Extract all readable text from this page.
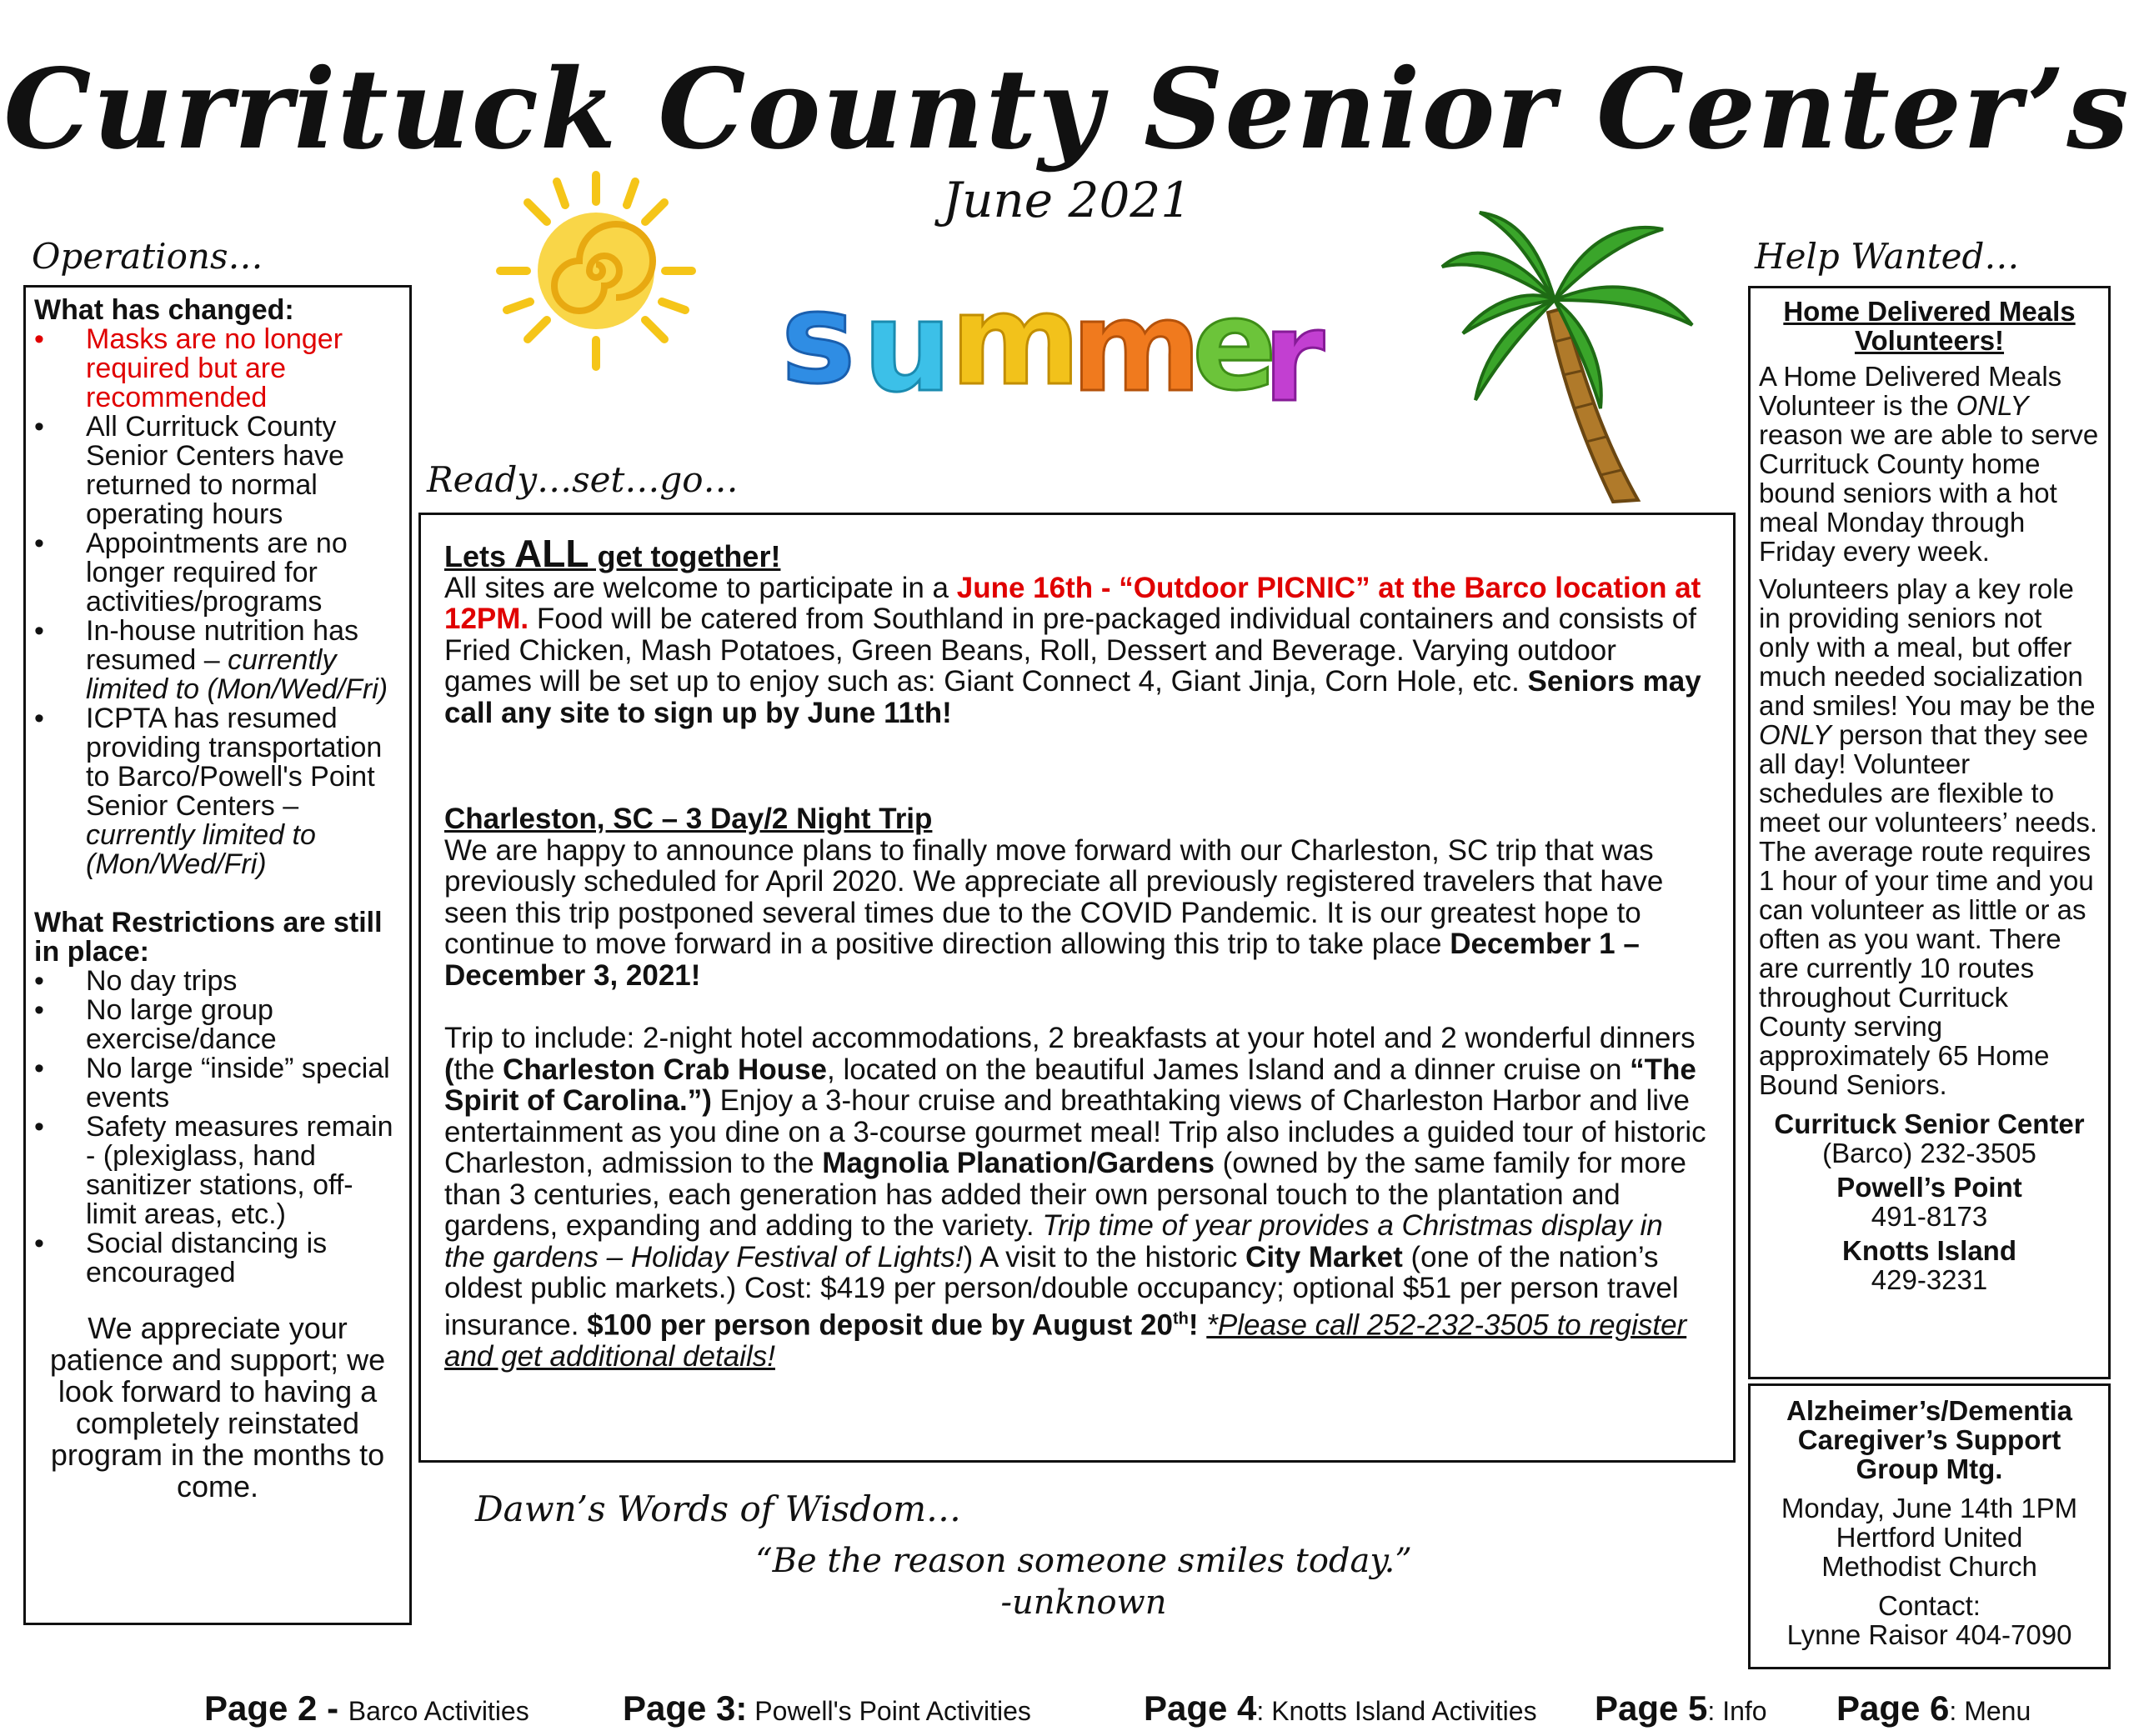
Currituck County Senior Center’s
June 2021
s u
m
m
e
r
summer
Operations…
What has changed:
•	Masks are no longer required but are recommended
•	All Currituck County Senior Centers have returned to normal operating hours
•	Appointments are no longer required for activities/programs
•	In-house nutrition has resumed – currently limited to (Mon/Wed/Fri)
•	ICPTA has resumed providing transportation to Barco/Powell's Point Senior Centers – currently limited to (Mon/Wed/Fri)
What Restrictions are still in place:
•	No day trips
•	No large group exercise/dance
•	No large “inside” special events
•	Safety measures remain - (plexiglass, hand sanitizer stations, off-limit areas, etc.)
•	Social distancing is encouraged
We appreciate your patience and support; we look forward to having a completely reinstated program in the months to come.
Ready…set…go…
Lets ALL get together!

All sites are welcome to participate in a June 16th - “Outdoor PICNIC” at the Barco location at 12PM. Food will be catered from Southland in pre-packaged individual containers and consists of Fried Chicken, Mash Potatoes, Green Beans, Roll, Dessert and Beverage. Varying outdoor games will be set up to enjoy such as: Giant Connect 4, Giant Jinja, Corn Hole, etc. Seniors may call any site to sign up by June 11th!

Charleston, SC – 3 Day/2 Night Trip

We are happy to announce plans to finally move forward with our Charleston, SC trip that was previously scheduled for April 2020. We appreciate all previously registered travelers that have seen this trip postponed several times due to the COVID Pandemic. It is our greatest hope to continue to move forward in a positive direction allowing this trip to take place December 1 – December 3, 2021!

Trip to include: 2-night hotel accommodations, 2 breakfasts at your hotel and 2 wonderful dinners (the Charleston Crab House, located on the beautiful James Island and a dinner cruise on “The Spirit of Carolina.”) Enjoy a 3-hour cruise and breathtaking views of Charleston Harbor and live entertainment as you dine on a 3-course gourmet meal! Trip also includes a guided tour of historic Charleston, admission to the Magnolia Planation/Gardens (owned by the same family for more than 3 centuries, each generation has added their own personal touch to the plantation and gardens, expanding and adding to the variety. Trip time of year provides a Christmas display in the gardens – Holiday Festival of Lights!) A visit to the historic City Market (one of the nation’s oldest public markets.) Cost: $419 per person/double occupancy; optional $51 per person travel insurance. $100 per person deposit due by August 20th! *Please call 252-232-3505 to register and get additional details!

Dawn’s Words of Wisdom…
“Be the reason someone smiles today.”
-unknown
Help Wanted…
Home Delivered Meals Volunteers!

A Home Delivered Meals Volunteer is the ONLY reason we are able to serve Currituck County home bound seniors with a hot meal Monday through Friday every week.

Volunteers play a key role in providing seniors not only with a meal, but offer much needed socialization and smiles! You may be the ONLY person that they see all day! Volunteer schedules are flexible to meet our volunteers’ needs. The average route requires 1 hour of your time and you can volunteer as little or as often as you want. There are currently 10 routes throughout Currituck County serving approximately 65 Home Bound Seniors.

Currituck Senior Center
(Barco) 232-3505
Powell’s Point
491-8173
Knotts Island
429-3231
Alzheimer’s/Dementia Caregiver’s Support Group Mtg.
Monday, June 14th 1PM
Hertford United
Methodist Church
Contact:
Lynne Raisor 404-7090
Page 2 - Barco Activities	Page 3: Powell's Point Activities	Page 4: Knotts Island Activities Page 5: Info Page 6: Menu
